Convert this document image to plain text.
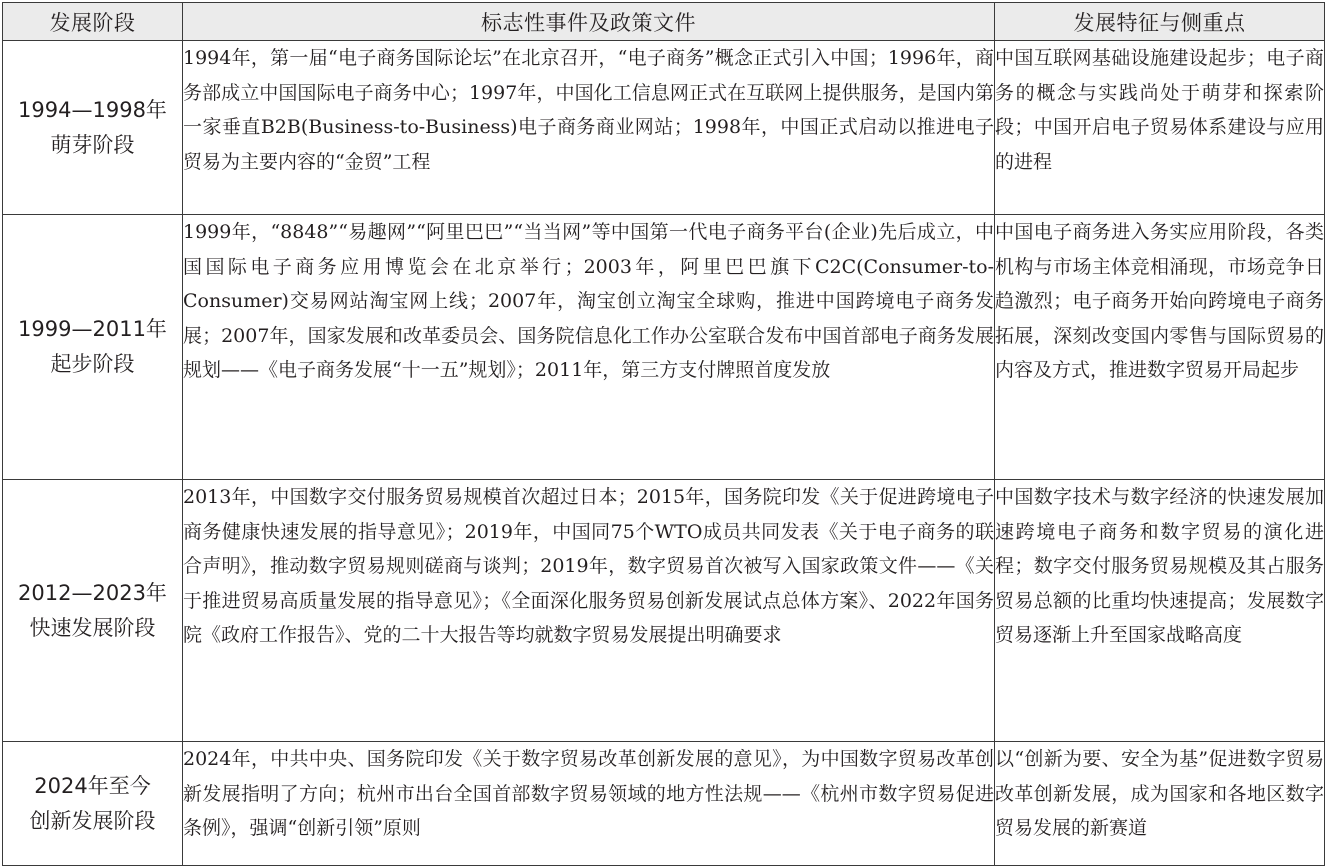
发展阶段	标志性事件及政策文件	发展特征与侧重点

1994—1998年
萌芽阶段	1994年，第一届“电子商务国际论坛”在北京召开，“电子商务”概念正式引入中国；1996年，商务部成立中国国际电子商务中心；1997年，中国化工信息网正式在互联网上提供服务，是国内第一家垂直B2B(Business-to-Business)电子商务商业网站；1998年，中国正式启动以推进电子贸易为主要内容的“金贸”工程	中国互联网基础设施建设起步；电子商务的概念与实践尚处于萌芽和探索阶段；中国开启电子贸易体系建设与应用的进程

1999—2011年
起步阶段	1999年，“8848”“易趣网”“阿里巴巴”“当当网”等中国第一代电子商务平台(企业)先后成立，中国国际电子商务应用博览会在北京举行；2003年，阿里巴巴旗下C2C(Consumer-to-Consumer)交易网站淘宝网上线；2007年，淘宝创立淘宝全球购，推进中国跨境电子商务发展；2007年，国家发展和改革委员会、国务院信息化工作办公室联合发布中国首部电子商务发展规划——《电子商务发展“十一五”规划》；2011年，第三方支付牌照首度发放	中国电子商务进入务实应用阶段，各类机构与市场主体竞相涌现，市场竞争日趋激烈；电子商务开始向跨境电子商务拓展，深刻改变国内零售与国际贸易的内容及方式，推进数字贸易开局起步

2012—2023年
快速发展阶段	2013年，中国数字交付服务贸易规模首次超过日本；2015年，国务院印发《关于促进跨境电子商务健康快速发展的指导意见》；2019年，中国同75个WTO成员共同发表《关于电子商务的联合声明》，推动数字贸易规则磋商与谈判；2019年，数字贸易首次被写入国家政策文件——《关于推进贸易高质量发展的指导意见》；《全面深化服务贸易创新发展试点总体方案》、2022年国务院《政府工作报告》、党的二十大报告等均就数字贸易发展提出明确要求	中国数字技术与数字经济的快速发展加速跨境电子商务和数字贸易的演化进程；数字交付服务贸易规模及其占服务贸易总额的比重均快速提高；发展数字贸易逐渐上升至国家战略高度

2024年至今
创新发展阶段	2024年，中共中央、国务院印发《关于数字贸易改革创新发展的意见》，为中国数字贸易改革创新发展指明了方向；杭州市出台全国首部数字贸易领域的地方性法规——《杭州市数字贸易促进条例》，强调“创新引领”原则	以“创新为要、安全为基”促进数字贸易改革创新发展，成为国家和各地区数字贸易发展的新赛道
